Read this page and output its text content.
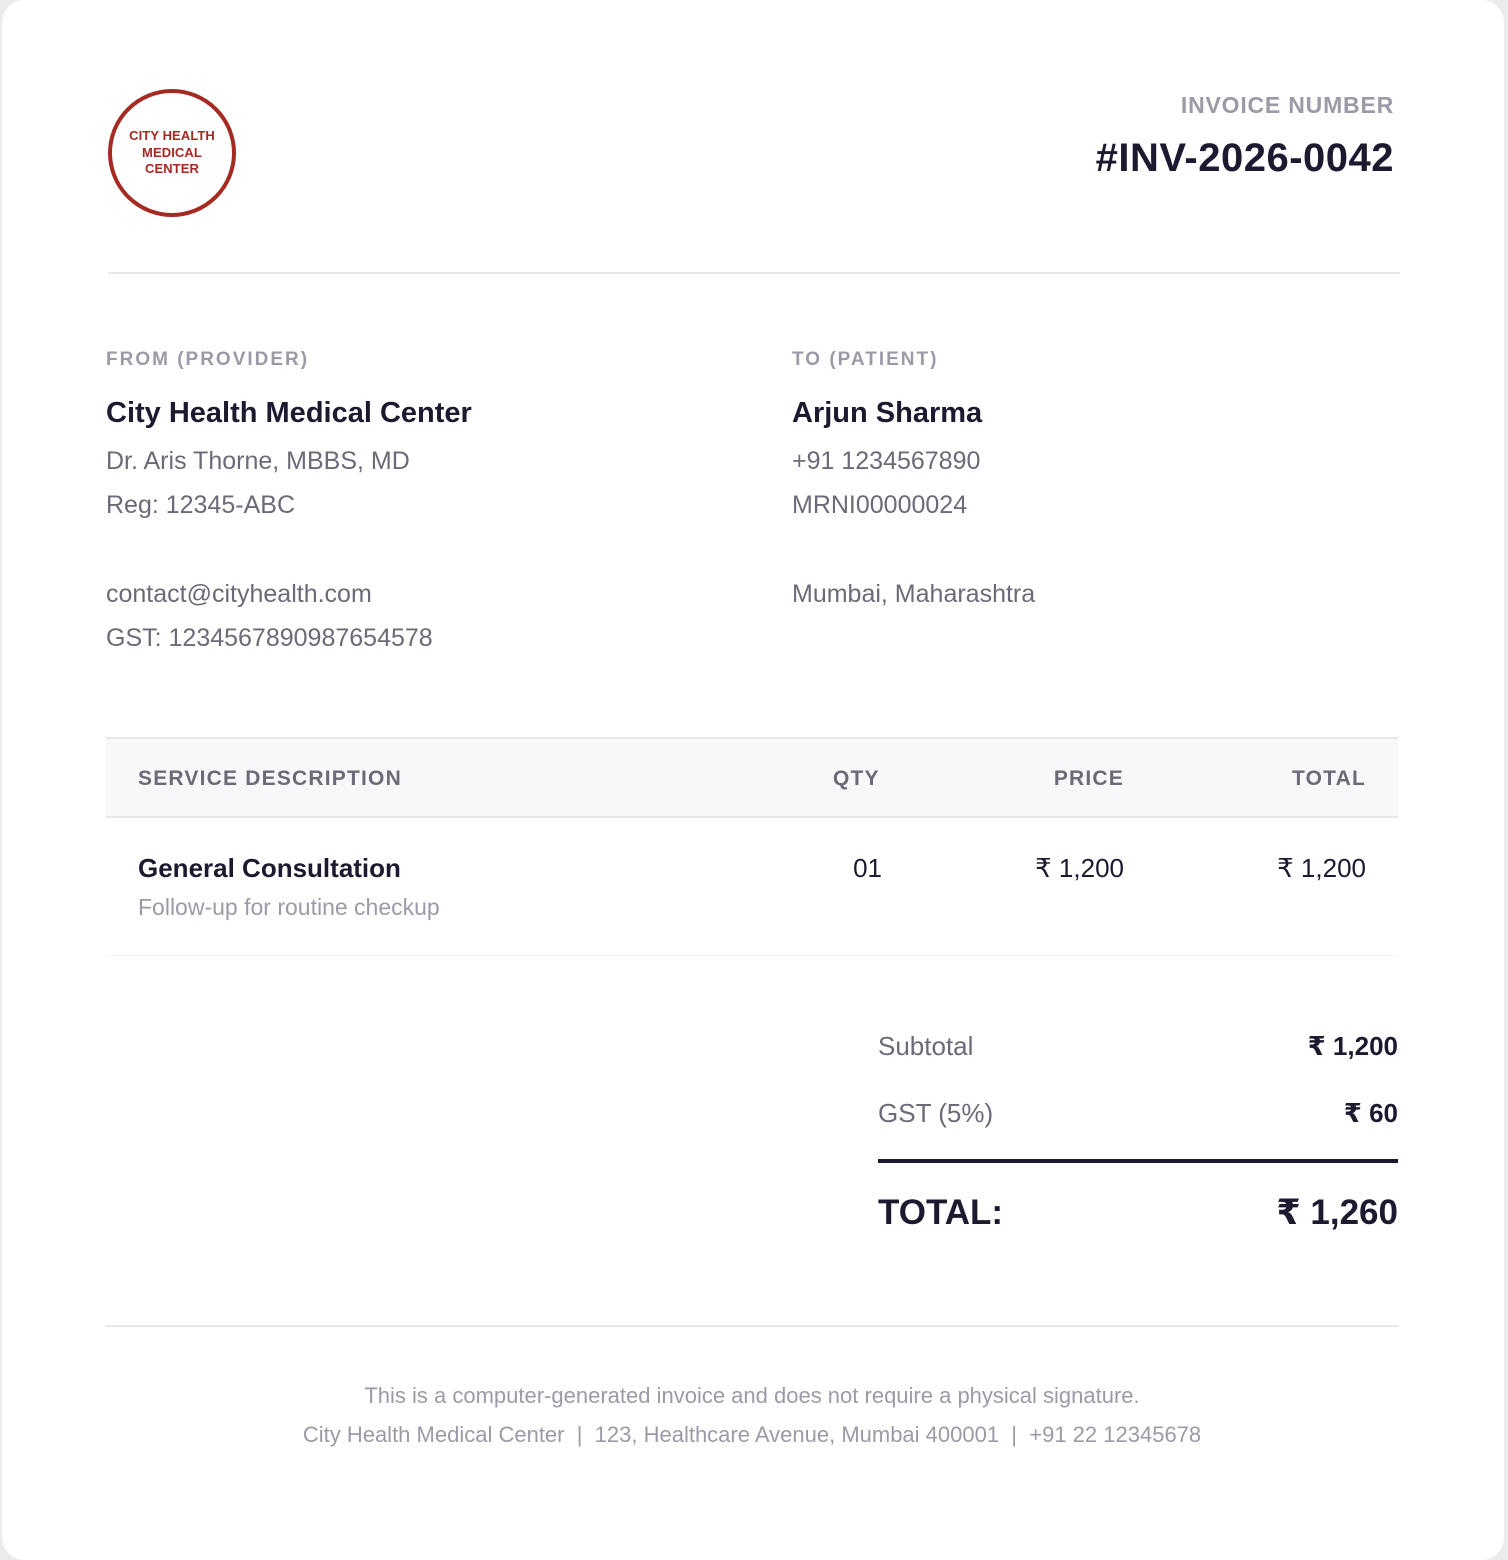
CITY HEALTH
MEDICAL
CENTER
INVOICE NUMBER
#INV-2026-0042
FROM (PROVIDER)
City Health Medical Center
Dr. Aris Thorne, MBBS, MD
Reg: 12345-ABC
contact@cityhealth.com
GST: 1234567890987654578
TO (PATIENT)
Arjun Sharma
+91 1234567890
MRNI00000024
Mumbai, Maharashtra
SERVICE DESCRIPTION	QTY	PRICE	TOTAL
General Consultation
Follow-up for routine checkup
01	₹ 1,200	₹ 1,200
Subtotal	₹ 1,200
GST (5%)	₹ 60
TOTAL:	₹ 1,260
This is a computer-generated invoice and does not require a physical signature.
City Health Medical Center  |  123, Healthcare Avenue, Mumbai 400001  |  +91 22 12345678
